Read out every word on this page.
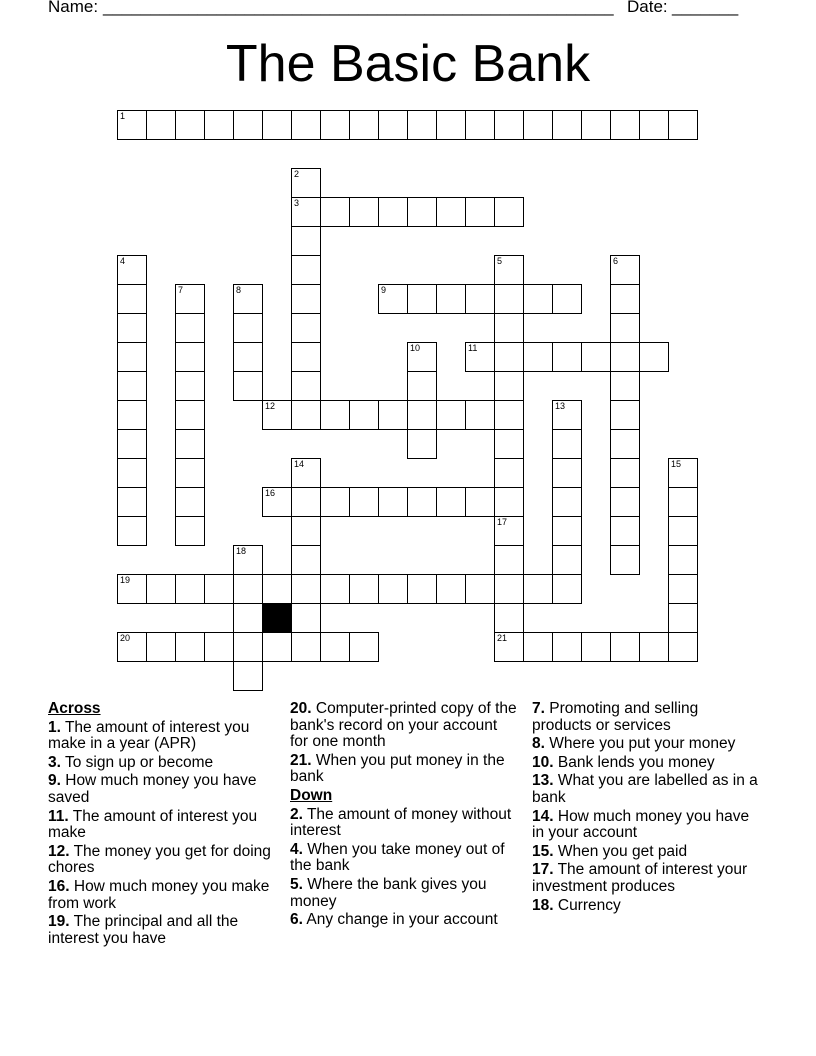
Name: ______________________________________________________ Date: _______
The Basic Bank
1
2
3
4	5
17
21
6
7	8	9
10	11
12	13
14	15
16
18
19
20
Across
1. The amount of interest you make in a year (APR)
3. To sign up or become
9. How much money you have saved
11. The amount of interest you make
12. The money you get for doing chores
16. How much money you make from work
19. The principal and all the interest you have
20. Computer-printed copy of the bank's record on your account for one month
21. When you put money in the bank
Down
2. The amount of money without interest
4. When you take money out of the bank
5. Where the bank gives you money
6. Any change in your account
7. Promoting and selling products or services
8. Where you put your money
10. Bank lends you money
13. What you are labelled as in a bank
14. How much money you have in your account
15. When you get paid
17. The amount of interest your investment produces
18. Currency
